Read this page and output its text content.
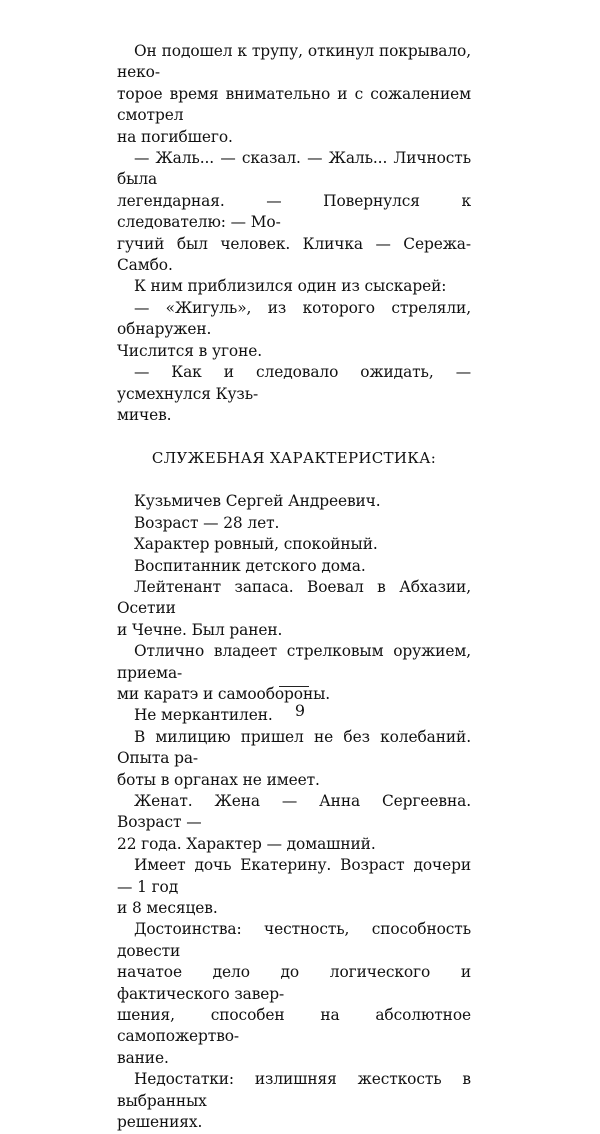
Он подошел к трупу, откинул покрывало, неко-
торое время внимательно и с сожалением смотрел
на погибшего.

— Жаль... — сказал. — Жаль... Личность была
легендарная. — Повернулся к следователю: — Мо-
гучий был человек. Кличка — Сережа-Самбо.

К ним приблизился один из сыскарей:

— «Жигуль», из которого стреляли, обнаружен.
Числится в угоне.

— Как и следовало ожидать, — усмехнулся Кузь-
мичев.

СЛУЖЕБНАЯ ХАРАКТЕРИСТИКА:

Кузьмичев Сергей Андреевич.

Возраст — 28 лет.

Характер ровный, спокойный.

Воспитанник детского дома.

Лейтенант запаса. Воевал в Абхазии, Осетии
и Чечне. Был ранен.

Отлично владеет стрелковым оружием, приема-
ми каратэ и самообороны.

Не меркантилен.

В милицию пришел не без колебаний. Опыта ра-
боты в органах не имеет.

Женат. Жена — Анна Сергеевна. Возраст —
22 года. Характер — домашний.

Имеет дочь Екатерину. Возраст дочери — 1 год
и 8 месяцев.

Достоинства: честность, способность довести
начатое дело до логического и фактического завер-
шения, способен на абсолютное самопожертво-
вание.

Недостатки: излишняя жесткость в выбранных
решениях.

9
